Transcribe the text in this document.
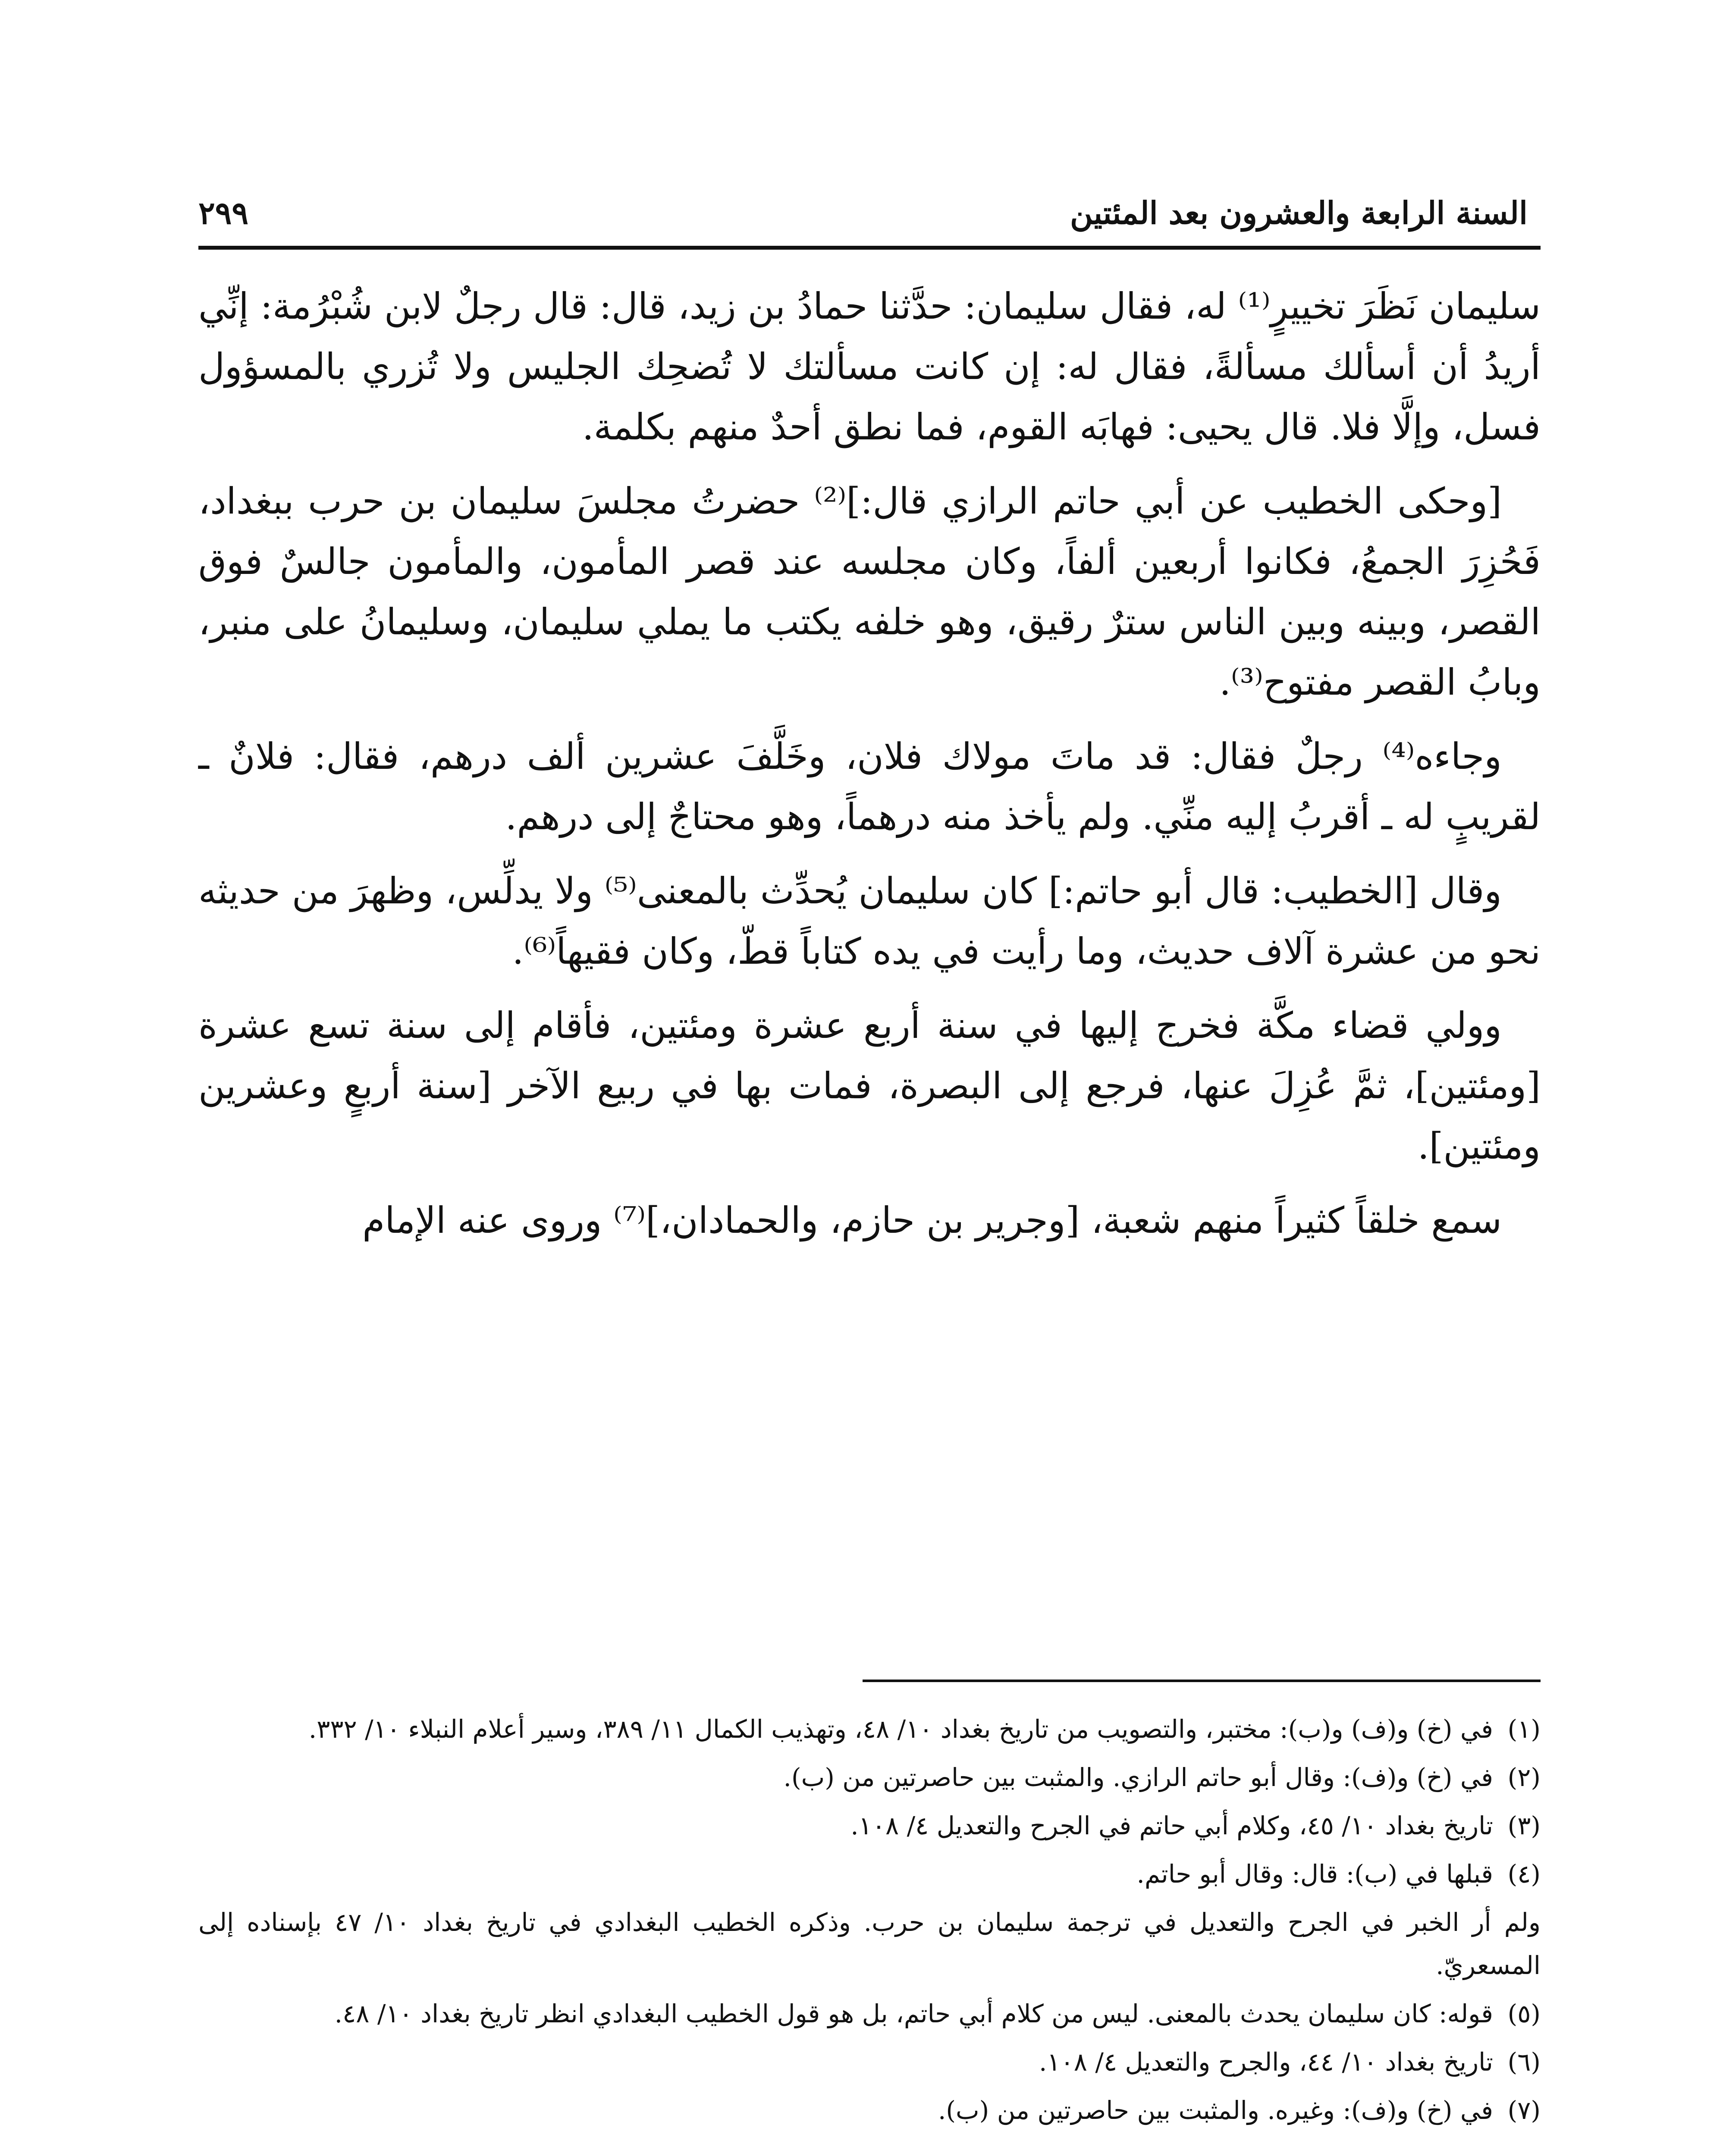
السنة الرابعة والعشرون بعد المئتين
٢٩٩

سليمان نَظَرَ تخييرٍ⁽¹⁾ له، فقال سليمان: حدَّثنا حمادُ بن زيد، قال: قال رجلٌ لابن شُبْرُمة: إنِّي أريدُ أن أسألك مسألةً، فقال له: إن كانت مسألتك لا تُضحِك الجليس ولا تُزري بالمسؤول فسل، وإلَّا فلا. قال يحيى: فهابَه القوم، فما نطق أحدٌ منهم بكلمة.

[وحكى الخطيب عن أبي حاتم الرازي قال:]⁽²⁾ حضرتُ مجلسَ سليمان بن حرب ببغداد، فَحُزِرَ الجمعُ، فكانوا أربعين ألفاً، وكان مجلسه عند قصر المأمون، والمأمون جالسٌ فوق القصر، وبينه وبين الناس سترٌ رقيق، وهو خلفه يكتب ما يملي سليمان، وسليمانُ على منبر، وبابُ القصر مفتوح⁽³⁾.

وجاءه⁽⁴⁾ رجلٌ فقال: قد ماتَ مولاك فلان، وخَلَّفَ عشرين ألف درهم، فقال: فلانٌ ـ لقريبٍ له ـ أقربُ إليه منِّي. ولم يأخذ منه درهماً، وهو محتاجٌ إلى درهم.

وقال [الخطيب: قال أبو حاتم:] كان سليمان يُحدِّث بالمعنى⁽⁵⁾ ولا يدلِّس، وظهرَ من حديثه نحو من عشرة آلاف حديث، وما رأيت في يده كتاباً قطّ، وكان فقيهاً⁽⁶⁾.

وولي قضاء مكَّة فخرج إليها في سنة أربع عشرة ومئتين، فأقام إلى سنة تسع عشرة [ومئتين]، ثمَّ عُزِلَ عنها، فرجع إلى البصرة، فمات بها في ربيع الآخر [سنة أربعٍ وعشرين ومئتين].

سمع خلقاً كثيراً منهم شعبة، [وجرير بن حازم، والحمادان،]⁽⁷⁾ وروى عنه الإمام

(١)في (خ) و(ف) و(ب): مختبر، والتصويب من تاريخ بغداد ١٠/ ٤٨، وتهذيب الكمال ١١/ ٣٨٩، وسير أعلام النبلاء ١٠/ ٣٣٢.

(٢)في (خ) و(ف): وقال أبو حاتم الرازي. والمثبت بين حاصرتين من (ب).

(٣)تاريخ بغداد ١٠/ ٤٥، وكلام أبي حاتم في الجرح والتعديل ٤/ ١٠٨.

(٤)قبلها في (ب): قال: وقال أبو حاتم.

ولم أر الخبر في الجرح والتعديل في ترجمة سليمان بن حرب. وذكره الخطيب البغدادي في تاريخ بغداد ١٠/ ٤٧ بإسناده إلى المسعريّ.

(٥)قوله: كان سليمان يحدث بالمعنى. ليس من كلام أبي حاتم، بل هو قول الخطيب البغدادي انظر تاريخ بغداد ١٠/ ٤٨.

(٦)تاريخ بغداد ١٠/ ٤٤، والجرح والتعديل ٤/ ١٠٨.

(٧)في (خ) و(ف): وغيره. والمثبت بين حاصرتين من (ب).
